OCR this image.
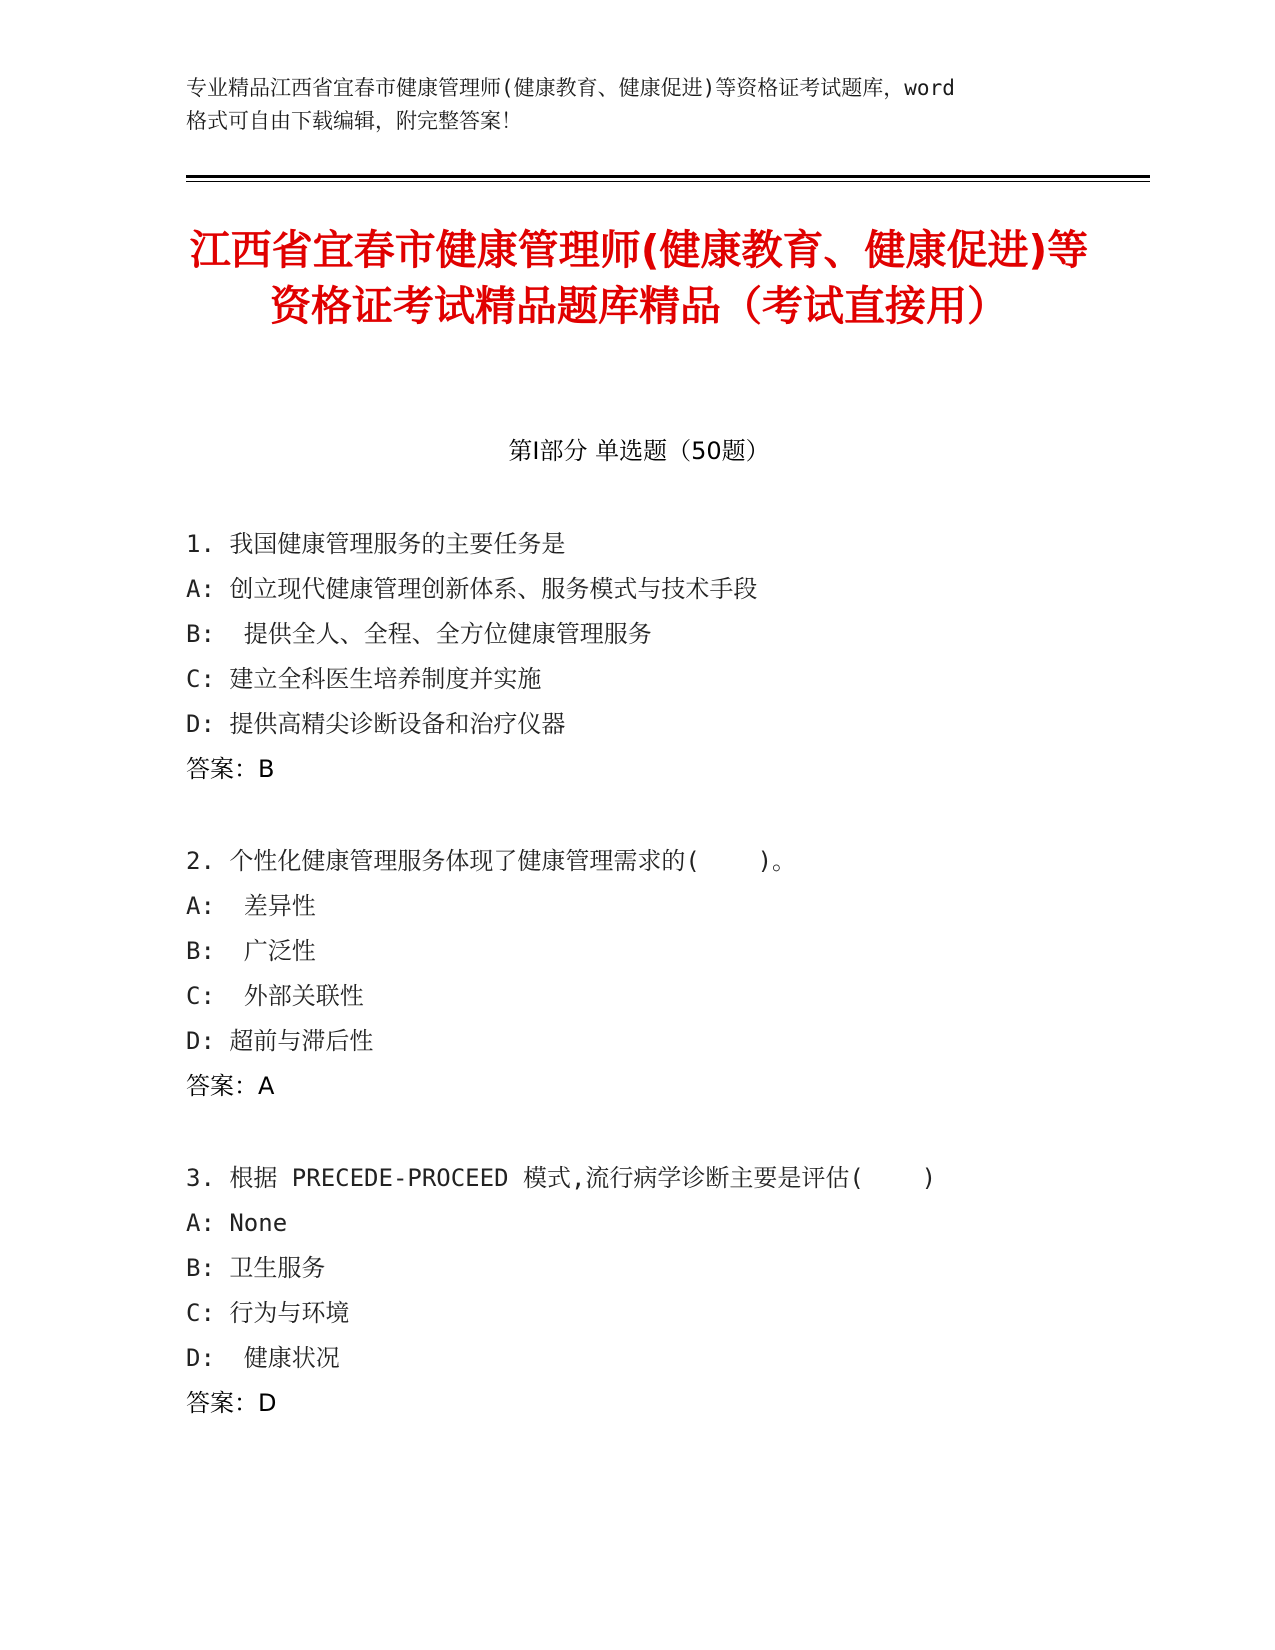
专业精品江西省宜春市健康管理师(健康教育、健康促进)等资格证考试题库，word
格式可自由下载编辑，附完整答案！
江西省宜春市健康管理师(健康教育、健康促进)等资格证考试精品题库精品（考试直接用）
第Ⅰ部分 单选题（50题）
1. 我国健康管理服务的主要任务是
A: 创立现代健康管理创新体系、服务模式与技术手段
B:  提供全人、全程、全方位健康管理服务
C: 建立全科医生培养制度并实施
D: 提供高精尖诊断设备和治疗仪器
答案：B
2. 个性化健康管理服务体现了健康管理需求的(    )。
A:  差异性
B:  广泛性
C:  外部关联性
D: 超前与滞后性
答案：A
3. 根据 PRECEDE-PROCEED 模式,流行病学诊断主要是评估(    )
A: None
B: 卫生服务
C: 行为与环境
D:  健康状况
答案：D
